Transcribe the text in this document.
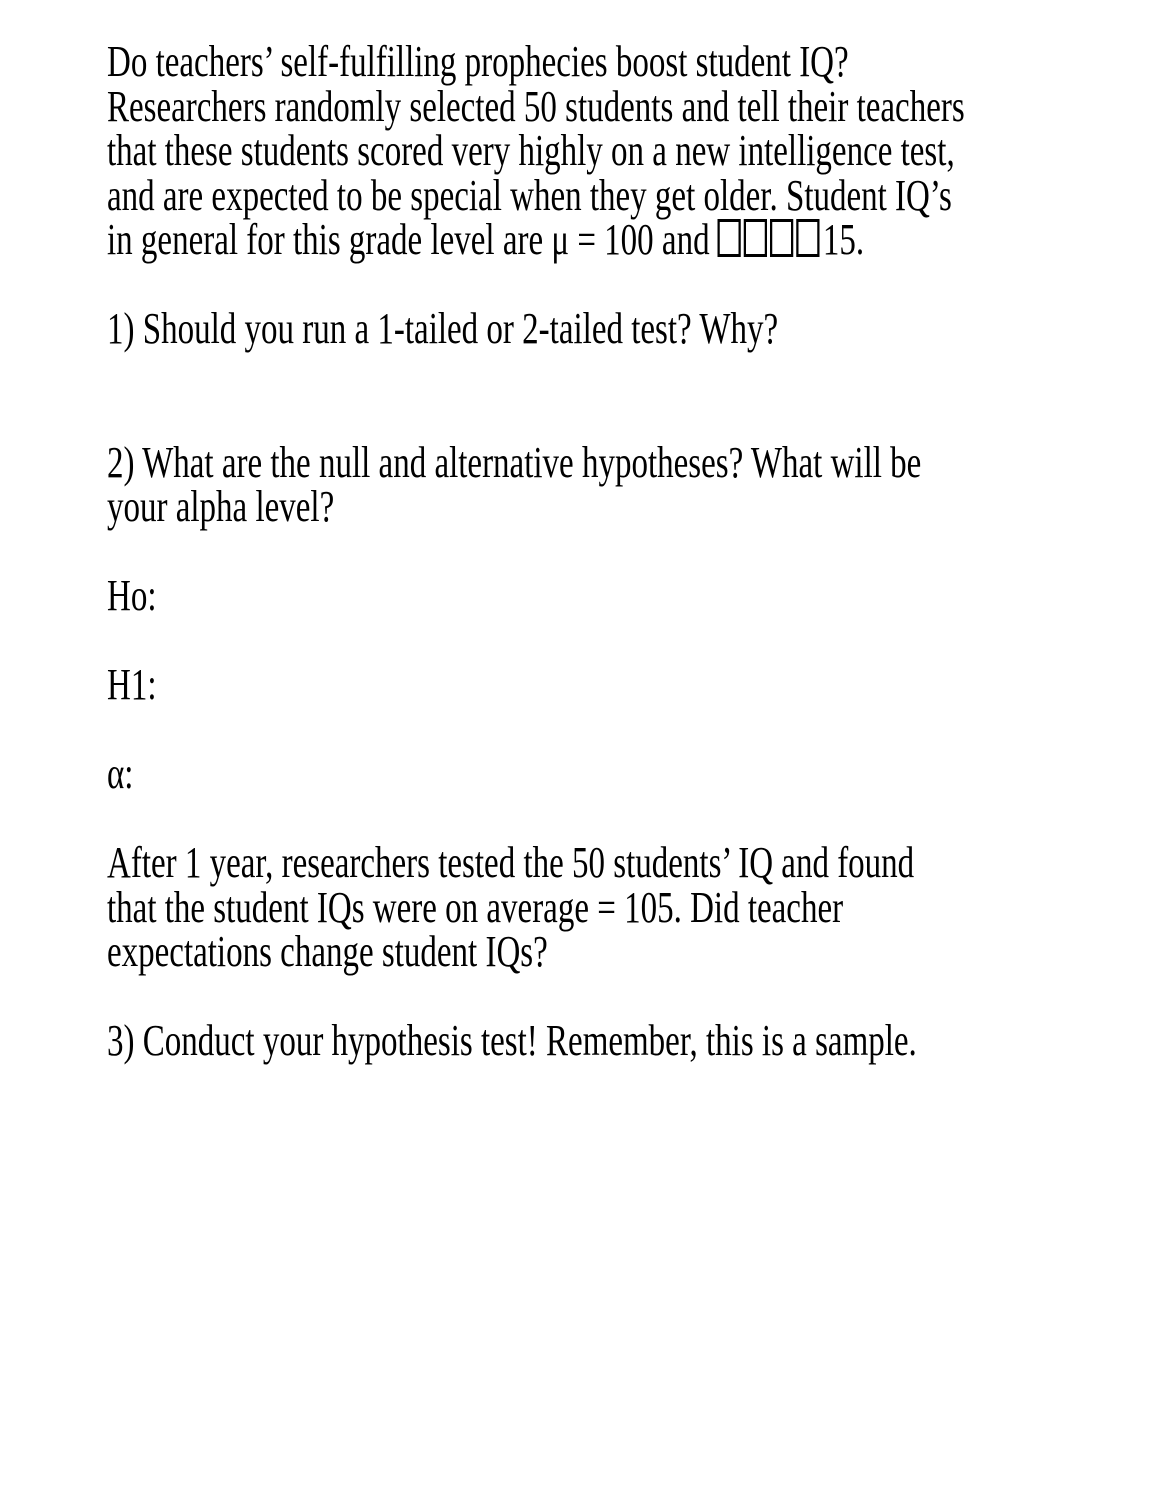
Do teachers’ self-fulfilling prophecies boost student IQ?
Researchers randomly selected 50 students and tell their teachers
that these students scored very highly on a new intelligence test,
and are expected to be special when they get older. Student IQ’s
in general for this grade level are μ = 100 and 15.
1) Should you run a 1-tailed or 2-tailed test? Why?
2) What are the null and alternative hypotheses? What will be
your alpha level?
Ho:
H1:
α:
After 1 year, researchers tested the 50 students’ IQ and found
that the student IQs were on average = 105. Did teacher
expectations change student IQs?
3) Conduct your hypothesis test! Remember, this is a sample.
